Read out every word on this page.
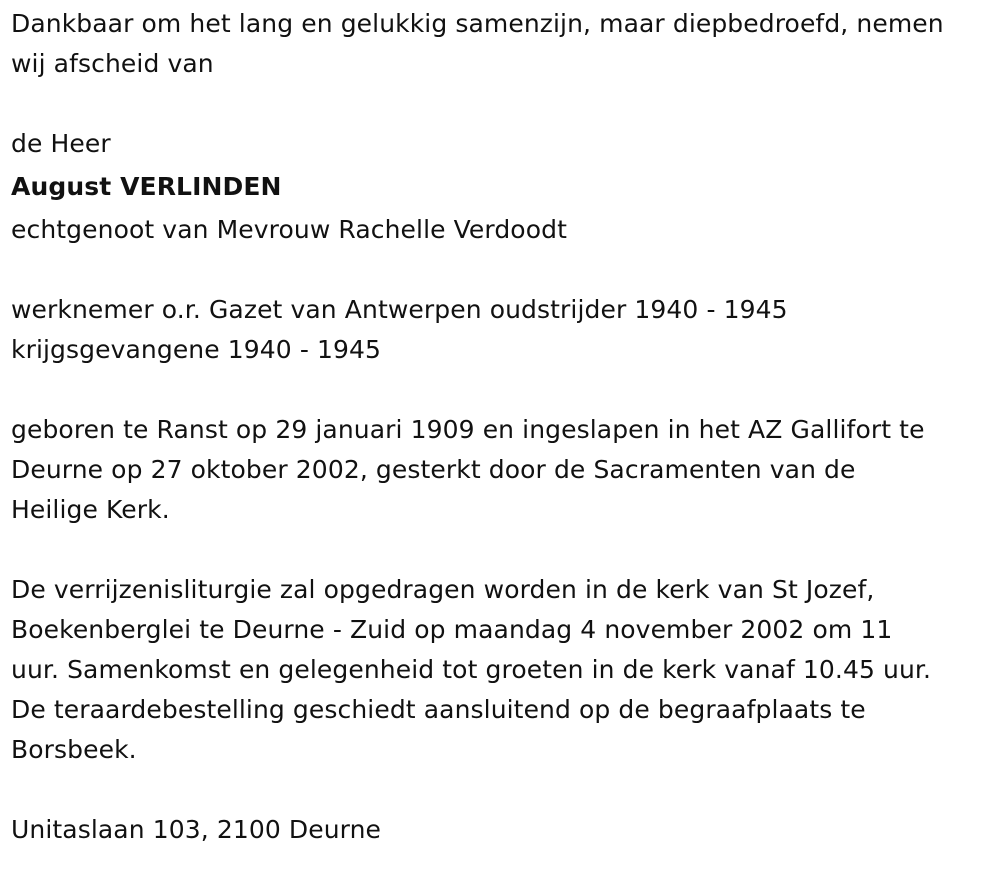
Dankbaar om het lang en gelukkig samenzijn, maar diepbedroefd, nemen
wij afscheid van
de Heer
August VERLINDEN
echtgenoot van Mevrouw Rachelle Verdoodt
werknemer o.r. Gazet van Antwerpen oudstrijder 1940 - 1945
krijgsgevangene 1940 - 1945
geboren te Ranst op 29 januari 1909 en ingeslapen in het AZ Gallifort te
Deurne op 27 oktober 2002, gesterkt door de Sacramenten van de
Heilige Kerk.
De verrijzenisliturgie zal opgedragen worden in de kerk van St Jozef,
Boekenberglei te Deurne - Zuid op maandag 4 november 2002 om 11
uur. Samenkomst en gelegenheid tot groeten in de kerk vanaf 10.45 uur.
De teraardebestelling geschiedt aansluitend op de begraafplaats te
Borsbeek.
Unitaslaan 103, 2100 Deurne
